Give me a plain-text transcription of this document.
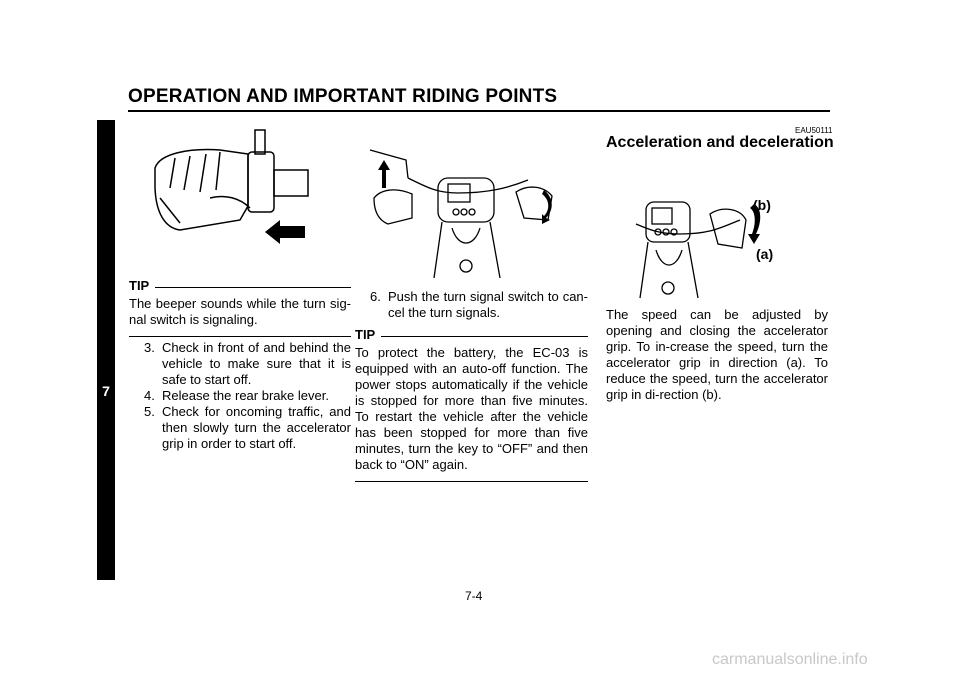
OPERATION AND IMPORTANT RIDING POINTS
7
TIP
The beeper sounds while the turn sig-nal switch is signaling.
3. Check in front of and behind the vehicle to make sure that it is safe to start off.
4. Release the rear brake lever.
5. Check for oncoming traffic, and then slowly turn the accelerator grip in order to start off.
6. Push the turn signal switch to can-cel the turn signals.
TIP
To protect the battery, the EC-03 is equipped with an auto-off function. The power stops automatically if the vehicle is stopped for more than five minutes. To restart the vehicle after the vehicle has been stopped for more than five minutes, turn the key to “OFF” and then back to “ON” again.
EAU50111
Acceleration and deceleration
(b)
(a)
The speed can be adjusted by opening and closing the accelerator grip. To in-crease the speed, turn the accelerator grip in direction (a). To reduce the speed, turn the accelerator grip in di-rection (b).
7-4
carmanualsonline.info
